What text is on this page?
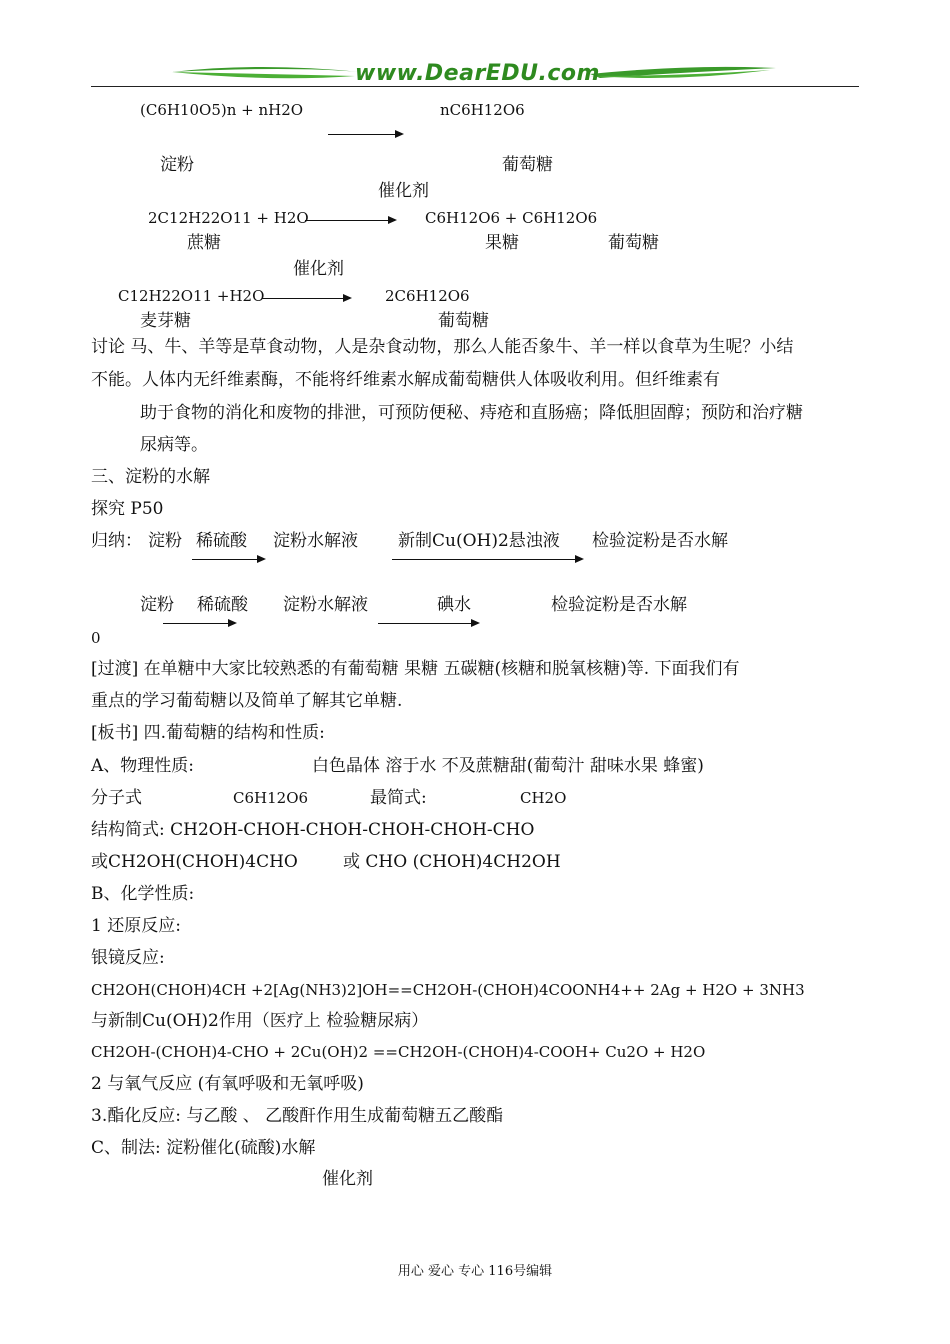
www.DearEDU.com
(C6H10O5)n + nH2O	nC6H12O6
淀粉	葡萄糖
催化剂
2C12H22O11 + H2O	C6H12O6 + C6H12O6
蔗糖	果糖	葡萄糖
催化剂
C12H22O11 +H2O	2C6H12O6
麦芽糖	葡萄糖
讨论 马、牛、羊等是草食动物，人是杂食动物，那么人能否象牛、羊一样以食草为生呢？小结
不能。人体内无纤维素酶，不能将纤维素水解成葡萄糖供人体吸收利用。但纤维素有
助于食物的消化和废物的排泄，可预防便秘、痔疮和直肠癌；降低胆固醇；预防和治疗糖
尿病等。
三、淀粉的水解
探究 P50
归纳： 淀粉 稀硫酸 淀粉水解液 新制Cu(OH)2悬浊液 检验淀粉是否水解
淀粉 稀硫酸 淀粉水解液	碘水	检验淀粉是否水解
0
[过渡] 在单糖中大家比较熟悉的有葡萄糖 果糖 五碳糖(核糖和脱氧核糖)等. 下面我们有
重点的学习葡萄糖以及简单了解其它单糖.
[板书] 四.葡萄糖的结构和性质:
A、物理性质:	白色晶体 溶于水 不及蔗糖甜(葡萄汁 甜味水果 蜂蜜)
分子式	C6H12O6	最简式:	CH2O
结构简式: CH2OH-CHOH-CHOH-CHOH-CHOH-CHO
或CH2OH(CHOH)4CHO	或 CHO (CHOH)4CH2OH
B、化学性质:
1 还原反应:
银镜反应:
CH2OH(CHOH)4CH +2[Ag(NH3)2]OH==CH2OH-(CHOH)4COONH4++ 2Ag + H2O + 3NH3
与新制Cu(OH)2作用（医疗上 检验糖尿病）
CH2OH-(CHOH)4-CHO + 2Cu(OH)2 ==CH2OH-(CHOH)4-COOH+ Cu2O + H2O
2 与氧气反应 (有氧呼吸和无氧呼吸)
3.酯化反应: 与乙酸 、 乙酸酐作用生成葡萄糖五乙酸酯
C、制法: 淀粉催化(硫酸)水解
催化剂
用心 爱心 专心 116号编辑
